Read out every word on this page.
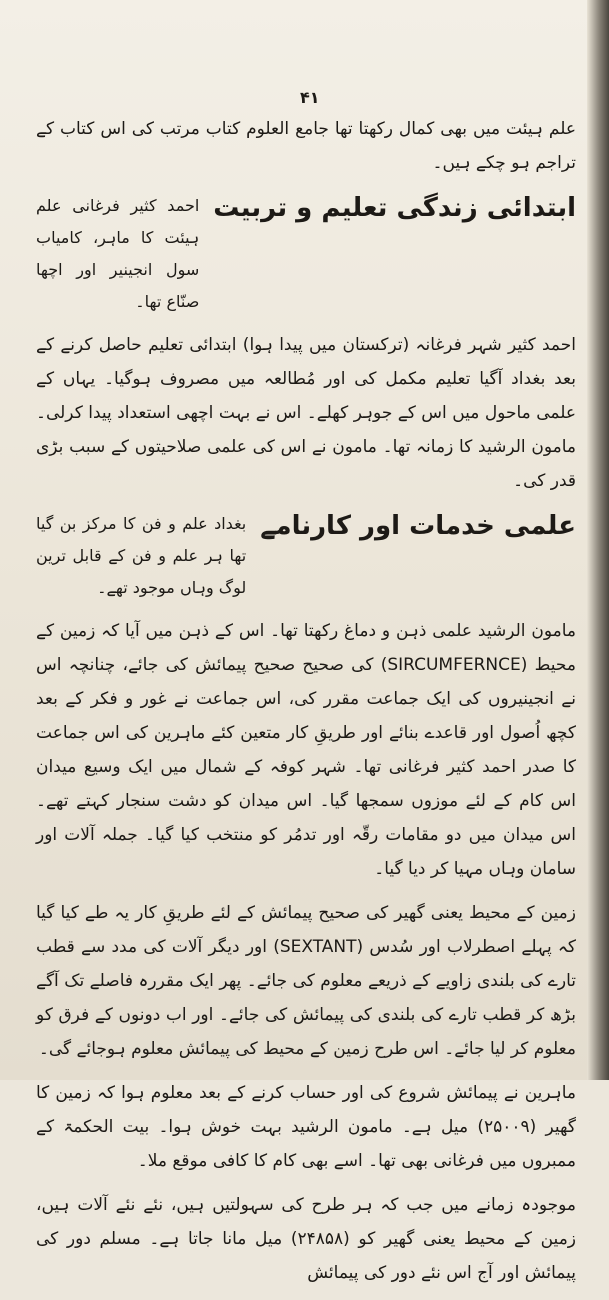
۴۱

علم ہیئت میں بھی کمال رکھتا تھا جامع العلوم کتاب مرتب کی اس کتاب کے تراجم ہو چکے ہیں۔

ابتدائی زندگی تعلیم و تربیت
احمد کثیر فرغانی علم ہیئت کا ماہر، کامیاب سول انجینیر اور اچھا صنّاع تھا۔

احمد کثیر شہر فرغانہ (ترکستان میں پیدا ہوا) ابتدائی تعلیم حاصل کرنے کے بعد بغداد آگیا تعلیم مکمل کی اور مُطالعہ میں مصروف ہوگیا۔ یہاں کے علمی ماحول میں اس کے جوہر کھلے۔ اس نے بہت اچھی استعداد پیدا کرلی۔ مامون الرشید کا زمانہ تھا۔ مامون نے اس کی علمی صلاحیتوں کے سبب بڑی قدر کی۔

علمی خدمات اور کارنامے
بغداد علم و فن کا مرکز بن گیا تھا ہر علم و فن کے قابل ترین لوگ وہاں موجود تھے۔

مامون الرشید علمی ذہن و دماغ رکھتا تھا۔ اس کے ذہن میں آیا کہ زمین کے محیط (SIRCUMFERNCE) کی صحیح صحیح پیمائش کی جائے، چنانچہ اس نے انجینیروں کی ایک جماعت مقرر کی، اس جماعت نے غور و فکر کے بعد کچھ اُصول اور قاعدے بنائے اور طریقِ کار متعین کئے ماہرین کی اس جماعت کا صدر احمد کثیر فرغانی تھا۔ شہر کوفہ کے شمال میں ایک وسیع میدان اس کام کے لئے موزوں سمجھا گیا۔ اس میدان کو دشت سنجار کہتے تھے۔ اس میدان میں دو مقامات رقّہ اور تدمُر کو منتخب کیا گیا۔ جملہ آلات اور سامان وہاں مہیا کر دیا گیا۔

زمین کے محیط یعنی گھیر کی صحیح پیمائش کے لئے طریقِ کار یہ طے کیا گیا کہ پہلے اصطرلاب اور سُدس (SEXTANT) اور دیگر آلات کی مدد سے قطب تارے کی بلندی زاویے کے ذریعے معلوم کی جائے۔ پھر ایک مقررہ فاصلے تک آگے بڑھ کر قطب تارے کی بلندی کی پیمائش کی جائے۔ اور اب دونوں کے فرق کو معلوم کر لیا جائے۔ اس طرح زمین کے محیط کی پیمائش معلوم ہوجائے گی۔

ماہرین نے پیمائش شروع کی اور حساب کرنے کے بعد معلوم ہوا کہ زمین کا گھیر (۲۵۰۰۹) میل ہے۔ مامون الرشید بہت خوش ہوا۔ بیت الحکمۃ کے ممبروں میں فرغانی بھی تھا۔ اسے بھی کام کا کافی موقع ملا۔

موجودہ زمانے میں جب کہ ہر طرح کی سہولتیں ہیں، نئے نئے آلات ہیں، زمین کے محیط یعنی گھیر کو (۲۴۸۵۸) میل مانا جاتا ہے۔ مسلم دور کی پیمائش اور آج اس نئے دور کی پیمائش
